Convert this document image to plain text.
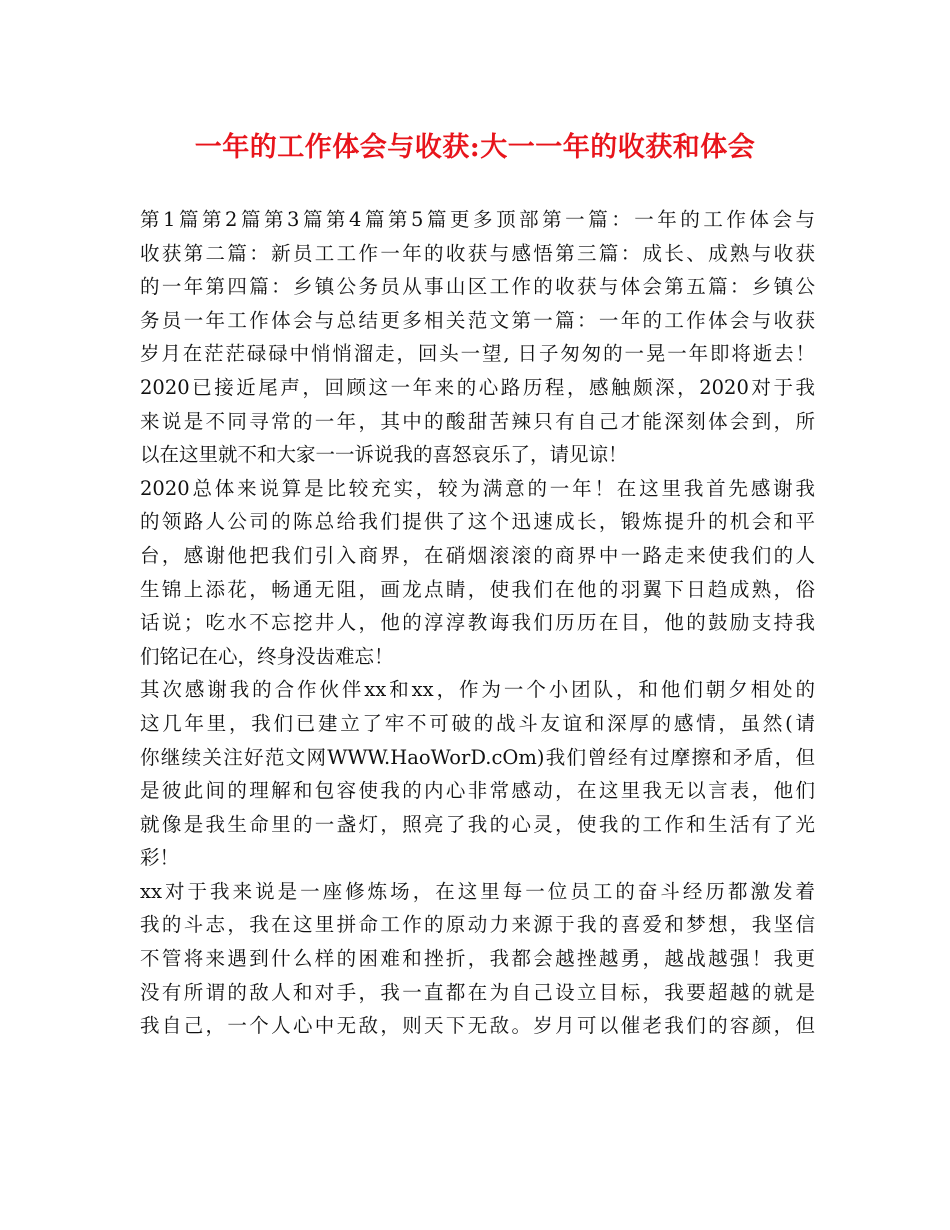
一年的工作体会与收获:大一一年的收获和体会
第1篇第2篇第3篇第4篇第5篇更多顶部第一篇：一年的工作体会与
收获第二篇：新员工工作一年的收获与感悟第三篇：成长、成熟与收获
的一年第四篇：乡镇公务员从事山区工作的收获与体会第五篇：乡镇公
务员一年工作体会与总结更多相关范文第一篇：一年的工作体会与收获
岁月在茫茫碌碌中悄悄溜走，回头一望, 日子匆匆的一晃一年即将逝去！
2020已接近尾声，回顾这一年来的心路历程，感触颇深，2020对于我
来说是不同寻常的一年，其中的酸甜苦辣只有自己才能深刻体会到，所
以在这里就不和大家一一诉说我的喜怒哀乐了，请见谅！
2020总体来说算是比较充实，较为满意的一年！在这里我首先感谢我
的领路人公司的陈总给我们提供了这个迅速成长，锻炼提升的机会和平
台，感谢他把我们引入商界，在硝烟滚滚的商界中一路走来使我们的人
生锦上添花，畅通无阻，画龙点睛，使我们在他的羽翼下日趋成熟，俗
话说；吃水不忘挖井人，他的淳淳教诲我们历历在目，他的鼓励支持我
们铭记在心，终身没齿难忘！
其次感谢我的合作伙伴xx和xx，作为一个小团队，和他们朝夕相处的
这几年里，我们已建立了牢不可破的战斗友谊和深厚的感情，虽然(请
你继续关注好范文网WWW.HaoWorD.cOm)我们曾经有过摩擦和矛盾，但
是彼此间的理解和包容使我的内心非常感动，在这里我无以言表，他们
就像是我生命里的一盏灯，照亮了我的心灵，使我的工作和生活有了光
彩！
xx对于我来说是一座修炼场，在这里每一位员工的奋斗经历都激发着
我的斗志，我在这里拼命工作的原动力来源于我的喜爱和梦想，我坚信
不管将来遇到什么样的困难和挫折，我都会越挫越勇，越战越强！我更
没有所谓的敌人和对手，我一直都在为自己设立目标，我要超越的就是
我自己，一个人心中无敌，则天下无敌。岁月可以催老我们的容颜，但
